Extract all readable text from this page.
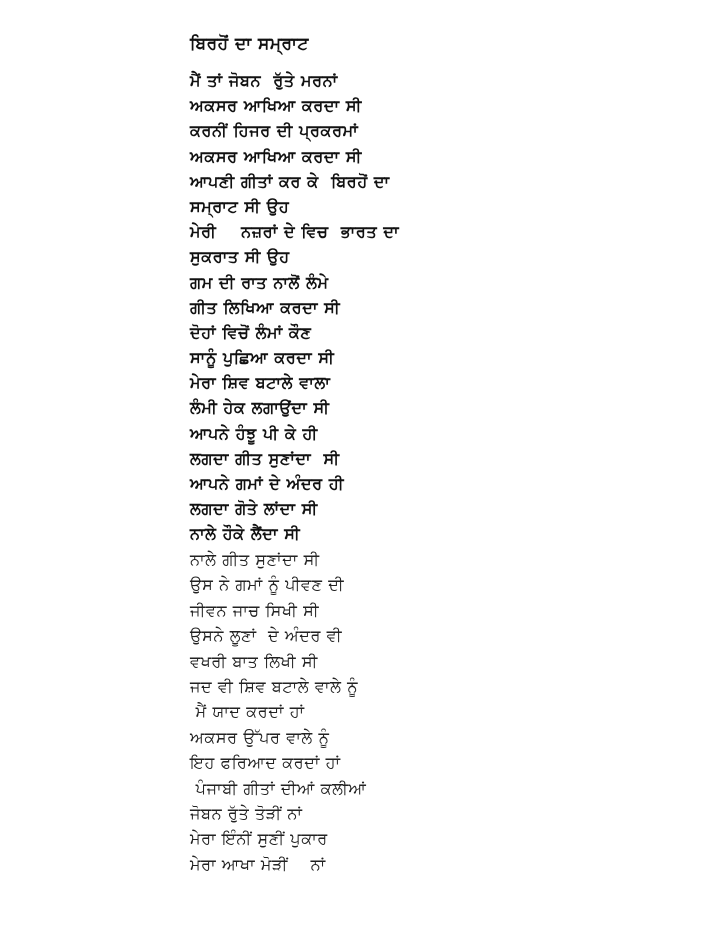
ਬਿਰਹੋਂ ਦਾ ਸਮ੍ਰਾਟ
ਮੈਂ ਤਾਂ ਜੋਬਨ  ਰੁੱਤੇ ਮਰਨਾਂ
ਅਕਸਰ ਆਖਿਆ ਕਰਦਾ ਸੀ
ਕਰਨੀਂ ਹਿਜਰ ਦੀ ਪ੍ਰਕਰਮਾਂ
ਅਕਸਰ ਆਖਿਆ ਕਰਦਾ ਸੀ
ਆਪਣੀ ਗੀਤਾਂ ਕਰ ਕੇ  ਬਿਰਹੋਂ ਦਾ
ਸਮ੍ਰਾਟ ਸੀ ਉਹ
ਮੇਰੀ    ਨਜ਼ਰਾਂ ਦੇ ਵਿਚ  ਭਾਰਤ ਦਾ
ਸੁਕਰਾਤ ਸੀ ਉਹ
ਗਮ ਦੀ ਰਾਤ ਨਾਲੋਂ ਲੰਮੇ
ਗੀਤ ਲਿਖਿਆ ਕਰਦਾ ਸੀ
ਦੋਹਾਂ ਵਿਚੋਂ ਲੰਮਾਂ ਕੌਣ
ਸਾਨੂੰ ਪੁਛਿਆ ਕਰਦਾ ਸੀ
ਮੇਰਾ ਸ਼ਿਵ ਬਟਾਲੇ ਵਾਲਾ
ਲੰਮੀ ਹੇਕ ਲਗਾਉਂਦਾ ਸੀ
ਆਪਨੇ ਹੰਝੂ ਪੀ ਕੇ ਹੀ
ਲਗਦਾ ਗੀਤ ਸੁਣਾਂਦਾ  ਸੀ
ਆਪਨੇ ਗਮਾਂ ਦੇ ਅੰਦਰ ਹੀ
ਲਗਦਾ ਗੋਤੇ ਲਾਂਦਾ ਸੀ
ਨਾਲੇ ਹੌਕੇ ਲੈਂਦਾ ਸੀ
ਨਾਲੇ ਗੀਤ ਸੁਣਾਂਦਾ ਸੀ
ਉਸ ਨੇ ਗਮਾਂ ਨੂੰ ਪੀਵਣ ਦੀ
ਜੀਵਨ ਜਾਚ ਸਿਖੀ ਸੀ
ਉਸਨੇ ਲੂਣਾਂ  ਦੇ ਅੰਦਰ ਵੀ
ਵਖਰੀ ਬਾਤ ਲਿਖੀ ਸੀ
ਜਦ ਵੀ ਸ਼ਿਵ ਬਟਾਲੇ ਵਾਲੇ ਨੂੰ
ਮੈਂ ਯਾਦ ਕਰਦਾਂ ਹਾਂ
ਅਕਸਰ ਉੱਪਰ ਵਾਲੇ ਨੂੰ
ਇਹ ਫਰਿਆਦ ਕਰਦਾਂ ਹਾਂ
ਪੰਜਾਬੀ ਗੀਤਾਂ ਦੀਆਂ ਕਲੀਆਂ
ਜੋਬਨ ਰੁੱਤੇ ਤੋੜੀਂ ਨਾਂ
ਮੇਰਾ ਇੰਨੀਂ ਸੁਣੀਂ ਪੁਕਾਰ
ਮੇਰਾ ਆਖਾ ਮੋੜੀਂ    ਨਾਂ
